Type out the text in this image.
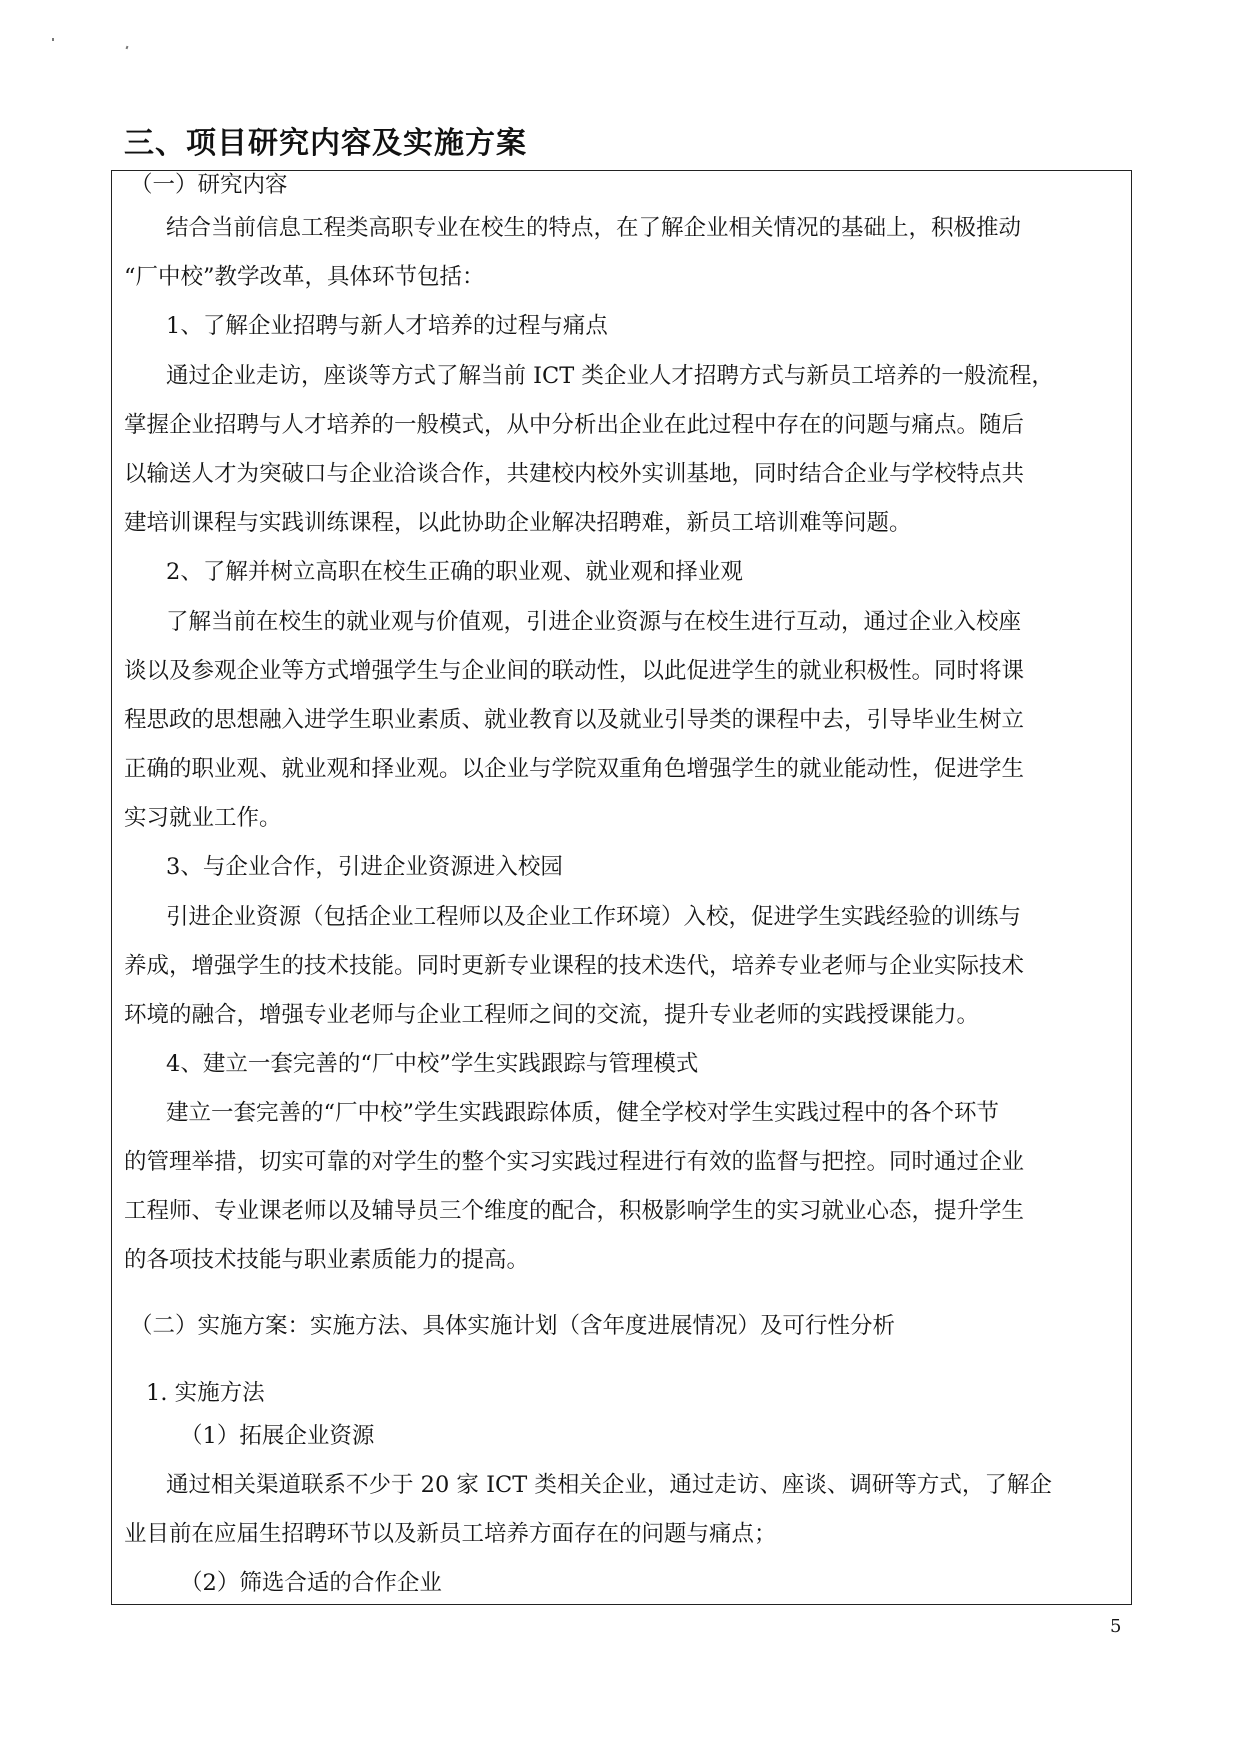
三、项目研究内容及实施方案
（一）研究内容
结合当前信息工程类高职专业在校生的特点，在了解企业相关情况的基础上，积极推动
“厂中校”教学改革，具体环节包括：
1、了解企业招聘与新人才培养的过程与痛点
通过企业走访，座谈等方式了解当前 ICT 类企业人才招聘方式与新员工培养的一般流程，
掌握企业招聘与人才培养的一般模式，从中分析出企业在此过程中存在的问题与痛点。随后
以输送人才为突破口与企业洽谈合作，共建校内校外实训基地，同时结合企业与学校特点共
建培训课程与实践训练课程，以此协助企业解决招聘难，新员工培训难等问题。
2、了解并树立高职在校生正确的职业观、就业观和择业观
了解当前在校生的就业观与价值观，引进企业资源与在校生进行互动，通过企业入校座
谈以及参观企业等方式增强学生与企业间的联动性，以此促进学生的就业积极性。同时将课
程思政的思想融入进学生职业素质、就业教育以及就业引导类的课程中去，引导毕业生树立
正确的职业观、就业观和择业观。以企业与学院双重角色增强学生的就业能动性，促进学生
实习就业工作。
3、与企业合作，引进企业资源进入校园
引进企业资源（包括企业工程师以及企业工作环境）入校，促进学生实践经验的训练与
养成，增强学生的技术技能。同时更新专业课程的技术迭代，培养专业老师与企业实际技术
环境的融合，增强专业老师与企业工程师之间的交流，提升专业老师的实践授课能力。
4、建立一套完善的“厂中校”学生实践跟踪与管理模式
建立一套完善的“厂中校”学生实践跟踪体质，健全学校对学生实践过程中的各个环节
的管理举措，切实可靠的对学生的整个实习实践过程进行有效的监督与把控。同时通过企业
工程师、专业课老师以及辅导员三个维度的配合，积极影响学生的实习就业心态，提升学生
的各项技术技能与职业素质能力的提高。
（二）实施方案：实施方法、具体实施计划（含年度进展情况）及可行性分析
1. 实施方法
（1）拓展企业资源
通过相关渠道联系不少于 20 家 ICT 类相关企业，通过走访、座谈、调研等方式，了解企
业目前在应届生招聘环节以及新员工培养方面存在的问题与痛点；
（2）筛选合适的合作企业
5
